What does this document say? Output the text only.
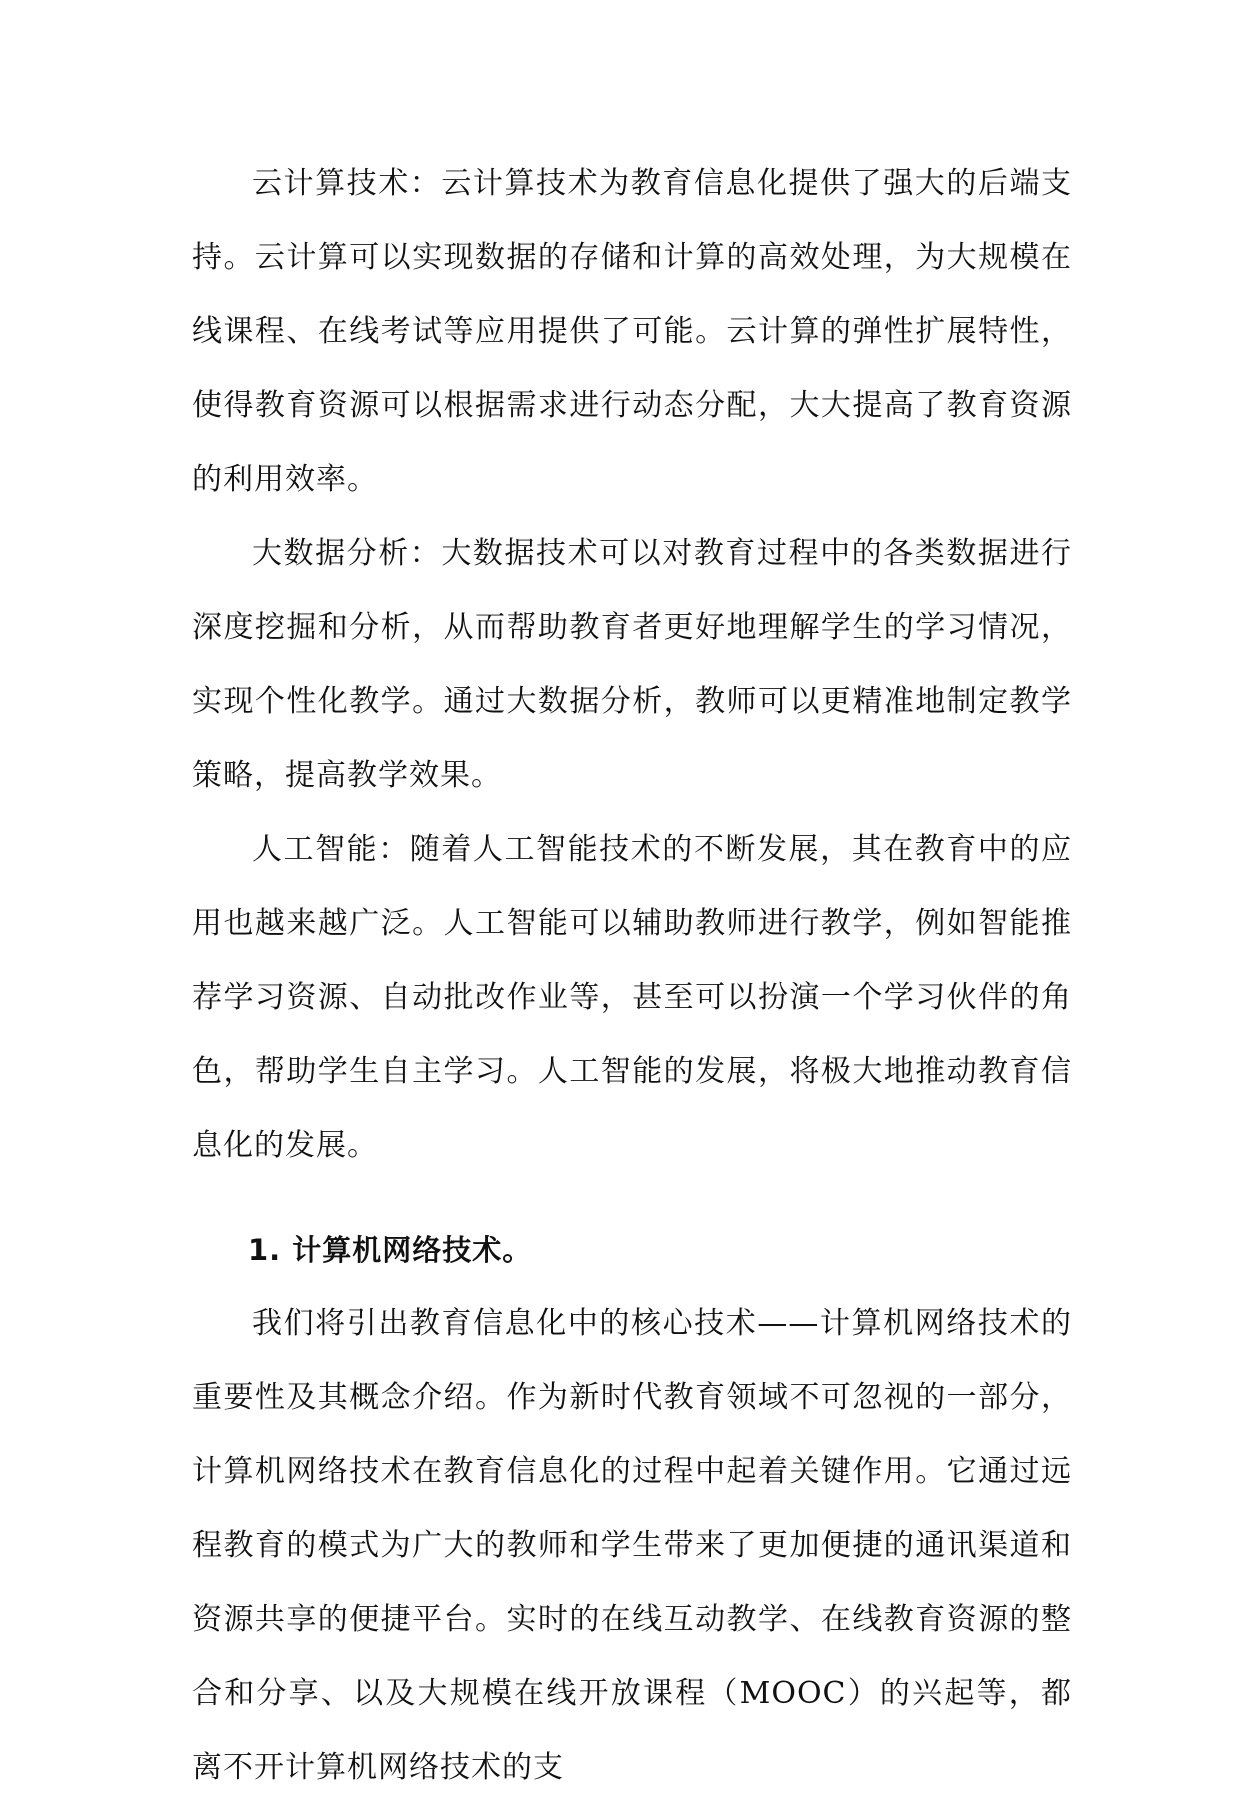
云计算技术：云计算技术为教育信息化提供了强大的后端支持。云计算可以实现数据的存储和计算的高效处理，为大规模在线课程、在线考试等应用提供了可能。云计算的弹性扩展特性，使得教育资源可以根据需求进行动态分配，大大提高了教育资源的利用效率。

大数据分析：大数据技术可以对教育过程中的各类数据进行深度挖掘和分析，从而帮助教育者更好地理解学生的学习情况，实现个性化教学。通过大数据分析，教师可以更精准地制定教学策略，提高教学效果。

人工智能：随着人工智能技术的不断发展，其在教育中的应用也越来越广泛。人工智能可以辅助教师进行教学，例如智能推荐学习资源、自动批改作业等，甚至可以扮演一个学习伙伴的角色，帮助学生自主学习。人工智能的发展，将极大地推动教育信息化的发展。

1. 计算机网络技术。

我们将引出教育信息化中的核心技术——计算机网络技术的重要性及其概念介绍。作为新时代教育领域不可忽视的一部分，计算机网络技术在教育信息化的过程中起着关键作用。它通过远程教育的模式为广大的教师和学生带来了更加便捷的通讯渠道和资源共享的便捷平台。实时的在线互动教学、在线教育资源的整合和分享、以及大规模在线开放课程（MOOC）的兴起等，都离不开计算机网络技术的支
